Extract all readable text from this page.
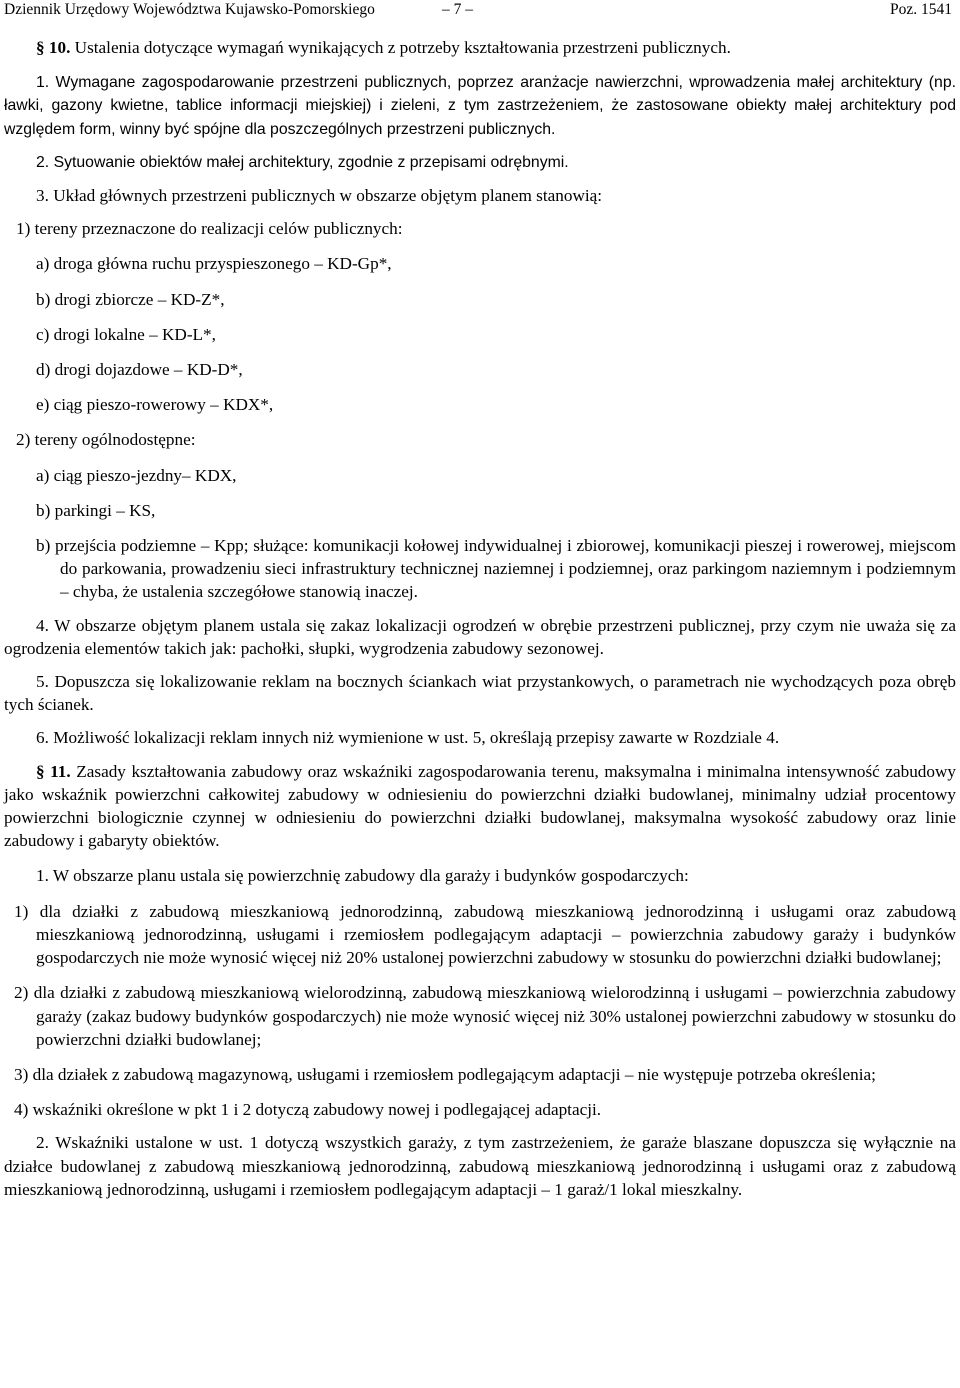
Dziennik Urzędowy Województwa Kujawsko-Pomorskiego	– 7 –	Poz. 1541

§ 10. Ustalenia dotyczące wymagań wynikających z potrzeby kształtowania przestrzeni publicznych.

1. Wymagane zagospodarowanie przestrzeni publicznych, poprzez aranżacje nawierzchni, wprowadzenia małej architektury (np. ławki, gazony kwietne, tablice informacji miejskiej) i zieleni, z tym zastrzeżeniem, że zastosowane obiekty małej architektury pod względem form, winny być spójne dla poszczególnych przestrzeni publicznych.

2. Sytuowanie obiektów małej architektury, zgodnie z przepisami odrębnymi.

3. Układ głównych przestrzeni publicznych w obszarze objętym planem stanowią:

1) tereny przeznaczone do realizacji celów publicznych:

a) droga główna ruchu przyspieszonego – KD-Gp*,

b) drogi zbiorcze – KD-Z*,

c) drogi lokalne – KD-L*,

d) drogi dojazdowe – KD-D*,

e) ciąg pieszo-rowerowy – KDX*,

2) tereny ogólnodostępne:

a) ciąg pieszo-jezdny– KDX,

b) parkingi – KS,

b) przejścia podziemne – Kpp; służące: komunikacji kołowej indywidualnej i zbiorowej, komunikacji pieszej i rowerowej, miejscom do parkowania, prowadzeniu sieci infrastruktury technicznej naziemnej i podziemnej, oraz parkingom naziemnym i podziemnym – chyba, że ustalenia szczegółowe stanowią inaczej.

4. W obszarze objętym planem ustala się zakaz lokalizacji ogrodzeń w obrębie przestrzeni publicznej, przy czym nie uważa się za ogrodzenia elementów takich jak: pachołki, słupki, wygrodzenia zabudowy sezonowej.

5. Dopuszcza się lokalizowanie reklam na bocznych ściankach wiat przystankowych, o parametrach nie wychodzących poza obręb tych ścianek.

6. Możliwość lokalizacji reklam innych niż wymienione w ust. 5, określają przepisy zawarte w Rozdziale 4.

§ 11. Zasady kształtowania zabudowy oraz wskaźniki zagospodarowania terenu, maksymalna i minimalna intensywność zabudowy jako wskaźnik powierzchni całkowitej zabudowy w odniesieniu do powierzchni działki budowlanej, minimalny udział procentowy powierzchni biologicznie czynnej w odniesieniu do powierzchni działki budowlanej, maksymalna wysokość zabudowy oraz linie zabudowy i gabaryty obiektów.

1. W obszarze planu ustala się powierzchnię zabudowy dla garaży i budynków gospodarczych:

1) dla działki z zabudową mieszkaniową jednorodzinną, zabudową mieszkaniową jednorodzinną i usługami oraz zabudową mieszkaniową jednorodzinną, usługami i rzemiosłem podlegającym adaptacji – powierzchnia zabudowy garaży i budynków gospodarczych nie może wynosić więcej niż 20% ustalonej powierzchni zabudowy w stosunku do powierzchni działki budowlanej;

2) dla działki z zabudową mieszkaniową wielorodzinną, zabudową mieszkaniową wielorodzinną i usługami – powierzchnia zabudowy garaży (zakaz budowy budynków gospodarczych) nie może wynosić więcej niż 30% ustalonej powierzchni zabudowy w stosunku do powierzchni działki budowlanej;

3) dla działek z zabudową magazynową, usługami i rzemiosłem podlegającym adaptacji – nie występuje potrzeba określenia;

4) wskaźniki określone w pkt 1 i 2 dotyczą zabudowy nowej i podlegającej adaptacji.

2. Wskaźniki ustalone w ust. 1 dotyczą wszystkich garaży, z tym zastrzeżeniem, że garaże blaszane dopuszcza się wyłącznie na działce budowlanej z zabudową mieszkaniową jednorodzinną, zabudową mieszkaniową jednorodzinną i usługami oraz z zabudową mieszkaniową jednorodzinną, usługami i rzemiosłem podlegającym adaptacji – 1 garaż/1 lokal mieszkalny.
